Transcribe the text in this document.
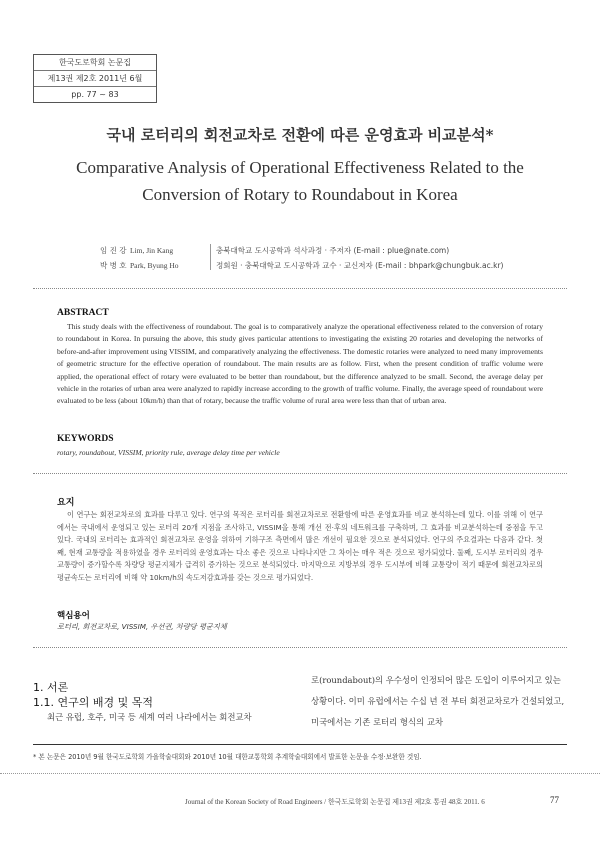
한국도로학회 논문집
제13권 제2호 2011년 6월
pp. 77 ~ 83
국내 로터리의 회전교차로 전환에 따른 운영효과 비교분석*
Comparative Analysis of Operational Effectiveness Related to the
Conversion of Rotary to Roundabout in Korea
임 진 강 Lim, Jin Kang	충북대학교 도시공학과 석사과정 · 주저자 (E-mail : plue@nate.com)
박 병 호 Park, Byung Ho	정회원 · 충북대학교 도시공학과 교수 · 교신저자 (E-mail : bhpark@chungbuk.ac.kr)
ABSTRACT
This study deals with the effectiveness of roundabout. The goal is to comparatively analyze the operational effectiveness related to the conversion of rotary to roundabout in Korea. In pursuing the above, this study gives particular attentions to investigating the existing 20 rotaries and developing the networks of before-and-after improvement using VISSIM, and comparatively analyzing the effectiveness. The domestic rotaries were analyzed to need many improvements of geometric structure for the effective operation of roundabout. The main results are as follow. First, when the present condition of traffic volume were applied, the operational effect of rotary were evaluated to be better than roundabout, but the difference analyzed to be small. Second, the average delay per vehicle in the rotaries of urban area were analyzed to rapidly increase according to the growth of traffic volume. Finally, the average speed of roundabout were evaluated to be less (about 10km/h) than that of rotary, because the traffic volume of rural area were less than that of urban area.
KEYWORDS
rotary, roundabout, VISSIM, priority rule, average delay time per vehicle
요지
이 연구는 회전교차로의 효과를 다루고 있다. 연구의 목적은 로터리를 회전교차로로 전환함에 따른 운영효과를 비교 분석하는데 있다. 이를 위해 이 연구에서는 국내에서 운영되고 있는 로터리 20개 지점을 조사하고, VISSIM을 통해 개선 전·후의 네트워크를 구축하며, 그 효과를 비교분석하는데 중점을 두고 있다. 국내의 로터리는 효과적인 회전교차로 운영을 위하여 기하구조 측면에서 많은 개선이 필요한 것으로 분석되었다. 연구의 주요결과는 다음과 같다. 첫째, 현재 교통량을 적용하였을 경우 로터리의 운영효과는 다소 좋은 것으로 나타나지만 그 차이는 매우 적은 것으로 평가되었다. 둘째, 도시부 로터리의 경우 교통량이 증가할수록 차량당 평균지체가 급격히 증가하는 것으로 분석되었다. 마지막으로 지방부의 경우 도시부에 비해 교통량이 적기 때문에 회전교차로의 평균속도는 로터리에 비해 약 10km/h의 속도저감효과를 갖는 것으로 평가되었다.
핵심용어
로터리, 회전교차로, VISSIM, 우선권, 차량당 평균지체
1. 서론
1.1. 연구의 배경 및 목적
최근 유럽, 호주, 미국 등 세계 여러 나라에서는 회전교차
로(roundabout)의 우수성이 인정되어 많은 도입이 이루어지고 있는 상황이다. 이미 유럽에서는 수십 년 전 부터 회전교차로가 건설되었고, 미국에서는 기존 로터리 형식의 교차
* 본 논문은 2010년 9월 한국도로학회 가을학술대회와 2010년 10월 대한교통학회 추계학술대회에서 발표한 논문을 수정·보완한 것임.
Journal of the Korean Society of Road Engineers / 한국도로학회 논문집 제13권 제2호 통권 48호 2011. 6	77
